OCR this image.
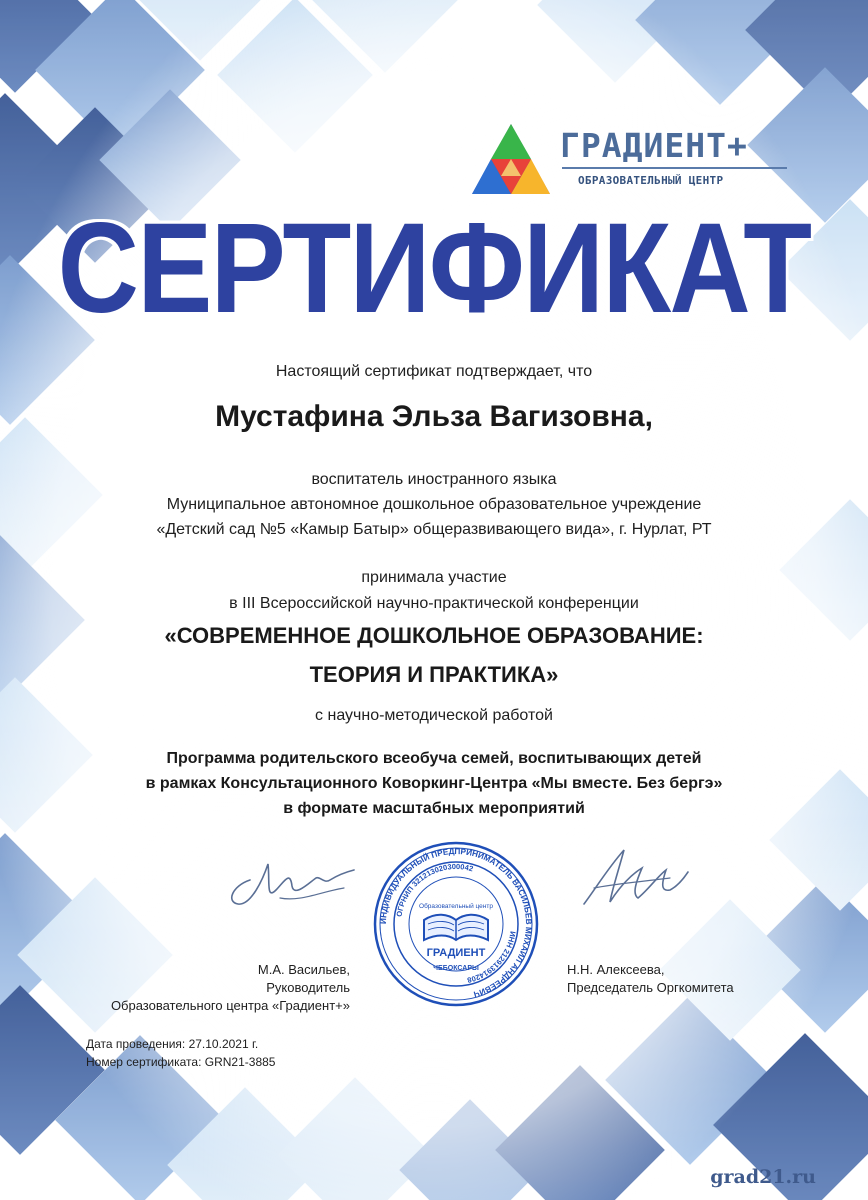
ГРАДИЕНТ+
ОБРАЗОВАТЕЛЬНЫЙ ЦЕНТР
СЕРТИФИКАТ
Настоящий сертификат подтверждает, что
Мустафина Эльза Вагизовна,
воспитатель иностранного языка
Муниципальное автономное дошкольное образовательное учреждение
«Детский сад №5 «Камыр Батыр» общеразвивающего вида», г. Нурлат, РТ
принимала участие
в III Всероссийской научно-практической конференции
«СОВРЕМЕННОЕ ДОШКОЛЬНОЕ ОБРАЗОВАНИЕ:
ТЕОРИЯ И ПРАКТИКА»
с научно-методической работой
Программа родительского всеобуча семей, воспитывающих детей
в рамках Консультационного Коворкинг-Центра «Мы вместе. Без бергэ»
в формате масштабных мероприятий
ИНДИВИДУАЛЬНЫЙ ПРЕДПРИНИМАТЕЛЬ ВАСИЛЬЕВ МИХАИЛ АНДРЕЕВИЧ
ОГРНИП 321213020300042
ИНН 212913914208
Образовательный центр
ГРАДИЕНТ
ЧЕБОКСАРЫ
М.А. Васильев,
Руководитель
Образовательного центра «Градиент+»
Н.Н. Алексеева,
Председатель Оргкомитета
Дата проведения: 27.10.2021 г.
Номер сертификата: GRN21-3885
grad21.ru
